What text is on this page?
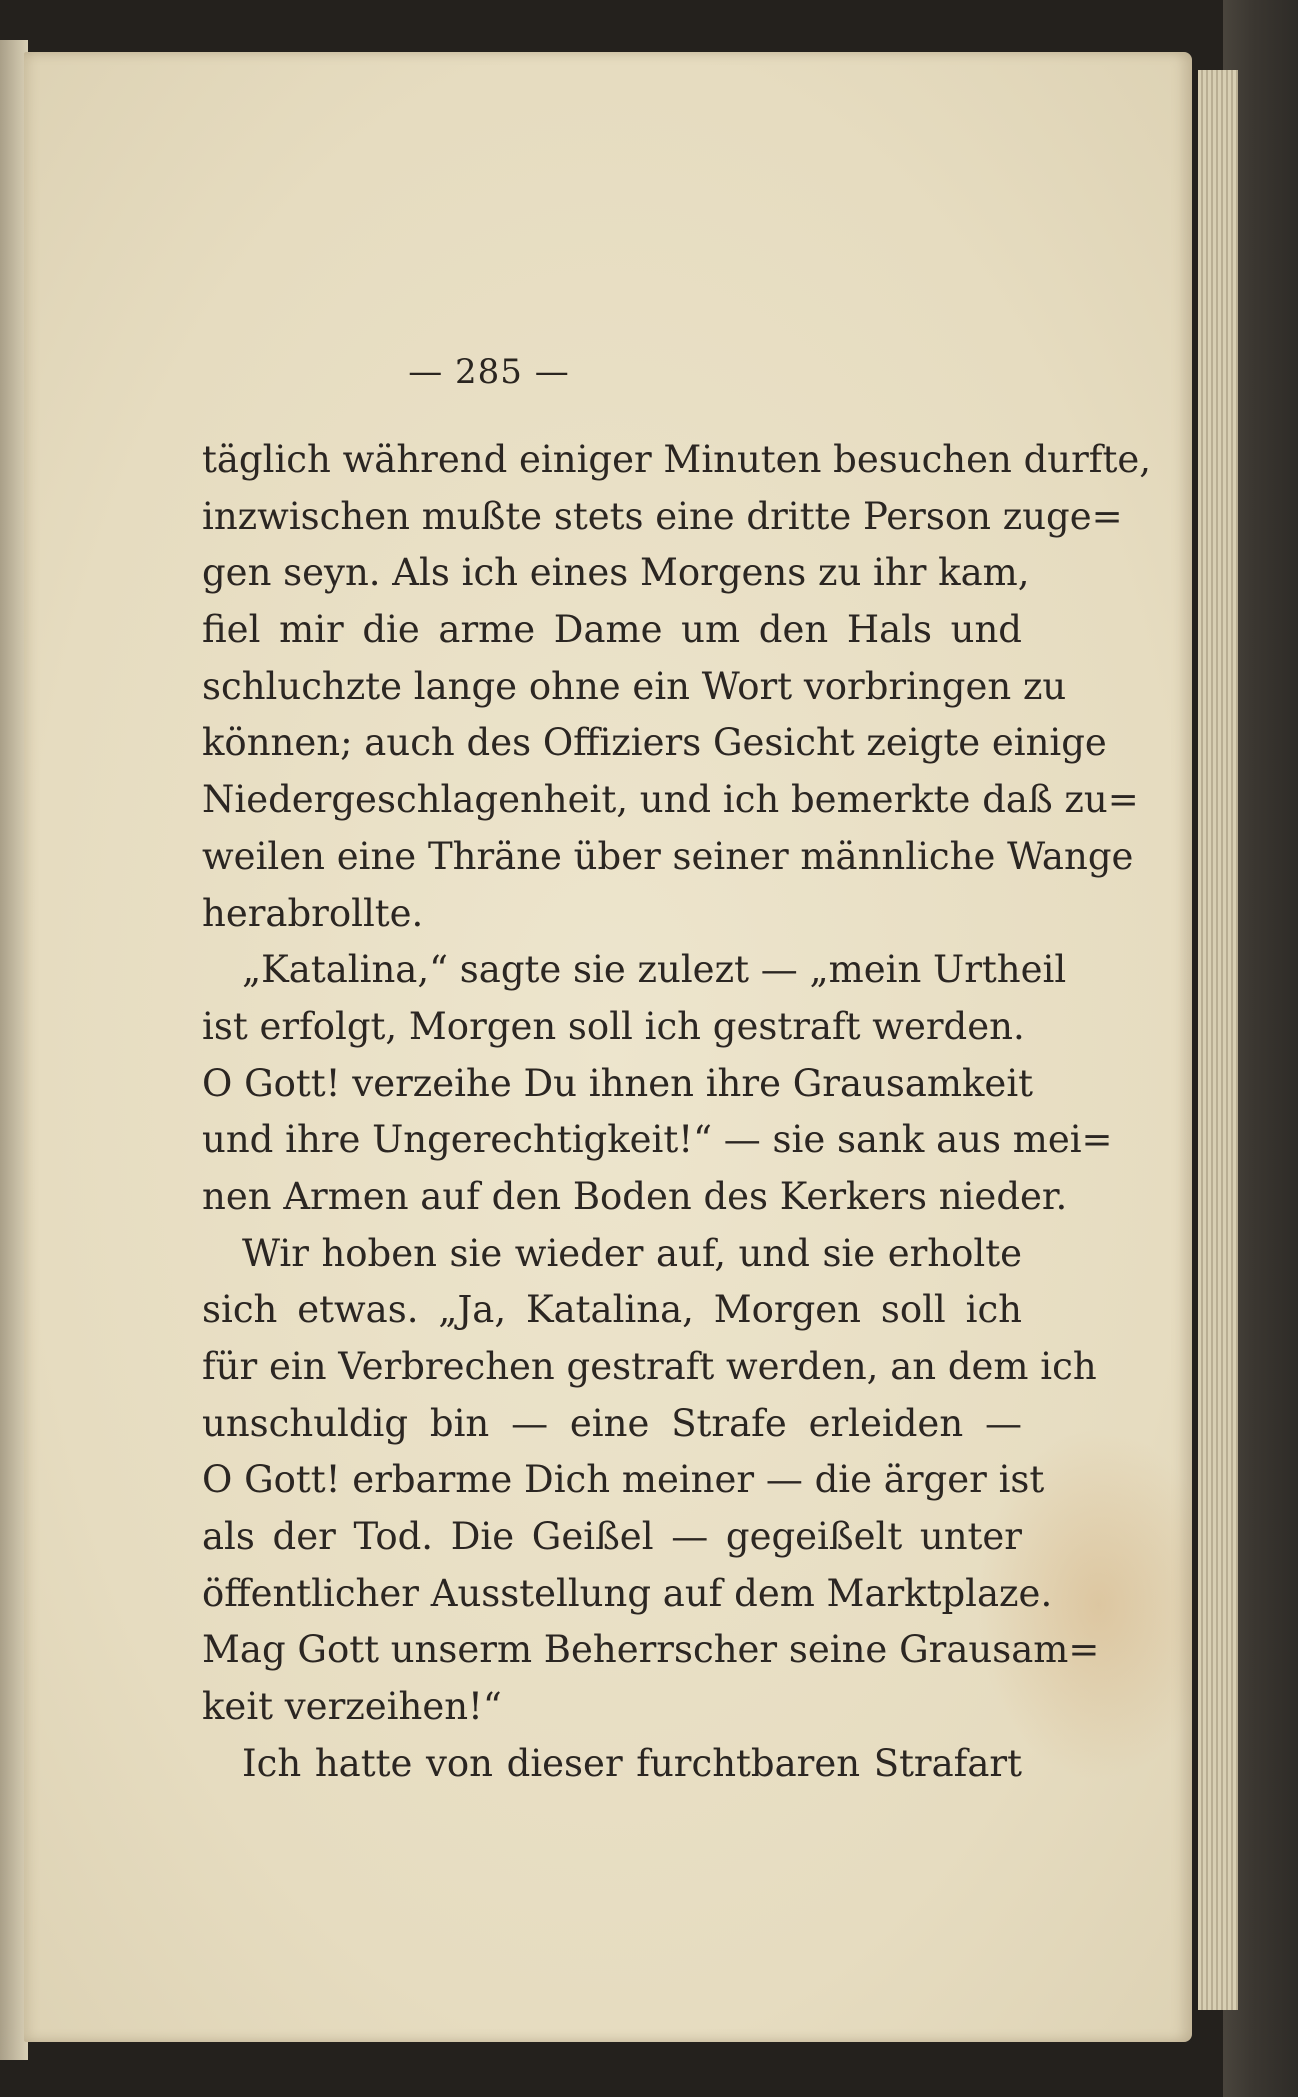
— 285 —
täglich während einiger Minuten besuchen durfte,
inzwischen mußte stets eine dritte Person zuge=
gen seyn. Als ich eines Morgens zu ihr kam,
fiel mir die arme Dame um den Hals und
schluchzte lange ohne ein Wort vorbringen zu
können; auch des Offiziers Gesicht zeigte einige
Niedergeschlagenheit, und ich bemerkte daß zu=
weilen eine Thräne über seiner männliche Wange
herabrollte.
„Katalina,“ sagte sie zulezt — „mein Urtheil
ist erfolgt, Morgen soll ich gestraft werden.
O Gott! verzeihe Du ihnen ihre Grausamkeit
und ihre Ungerechtigkeit!“ — sie sank aus mei=
nen Armen auf den Boden des Kerkers nieder.
Wir hoben sie wieder auf, und sie erholte
sich etwas. „Ja, Katalina, Morgen soll ich
für ein Verbrechen gestraft werden, an dem ich
unschuldig bin — eine Strafe erleiden —
O Gott! erbarme Dich meiner — die ärger ist
als der Tod. Die Geißel — gegeißelt unter
öffentlicher Ausstellung auf dem Marktplaze.
Mag Gott unserm Beherrscher seine Grausam=
keit verzeihen!“
Ich hatte von dieser furchtbaren Strafart
